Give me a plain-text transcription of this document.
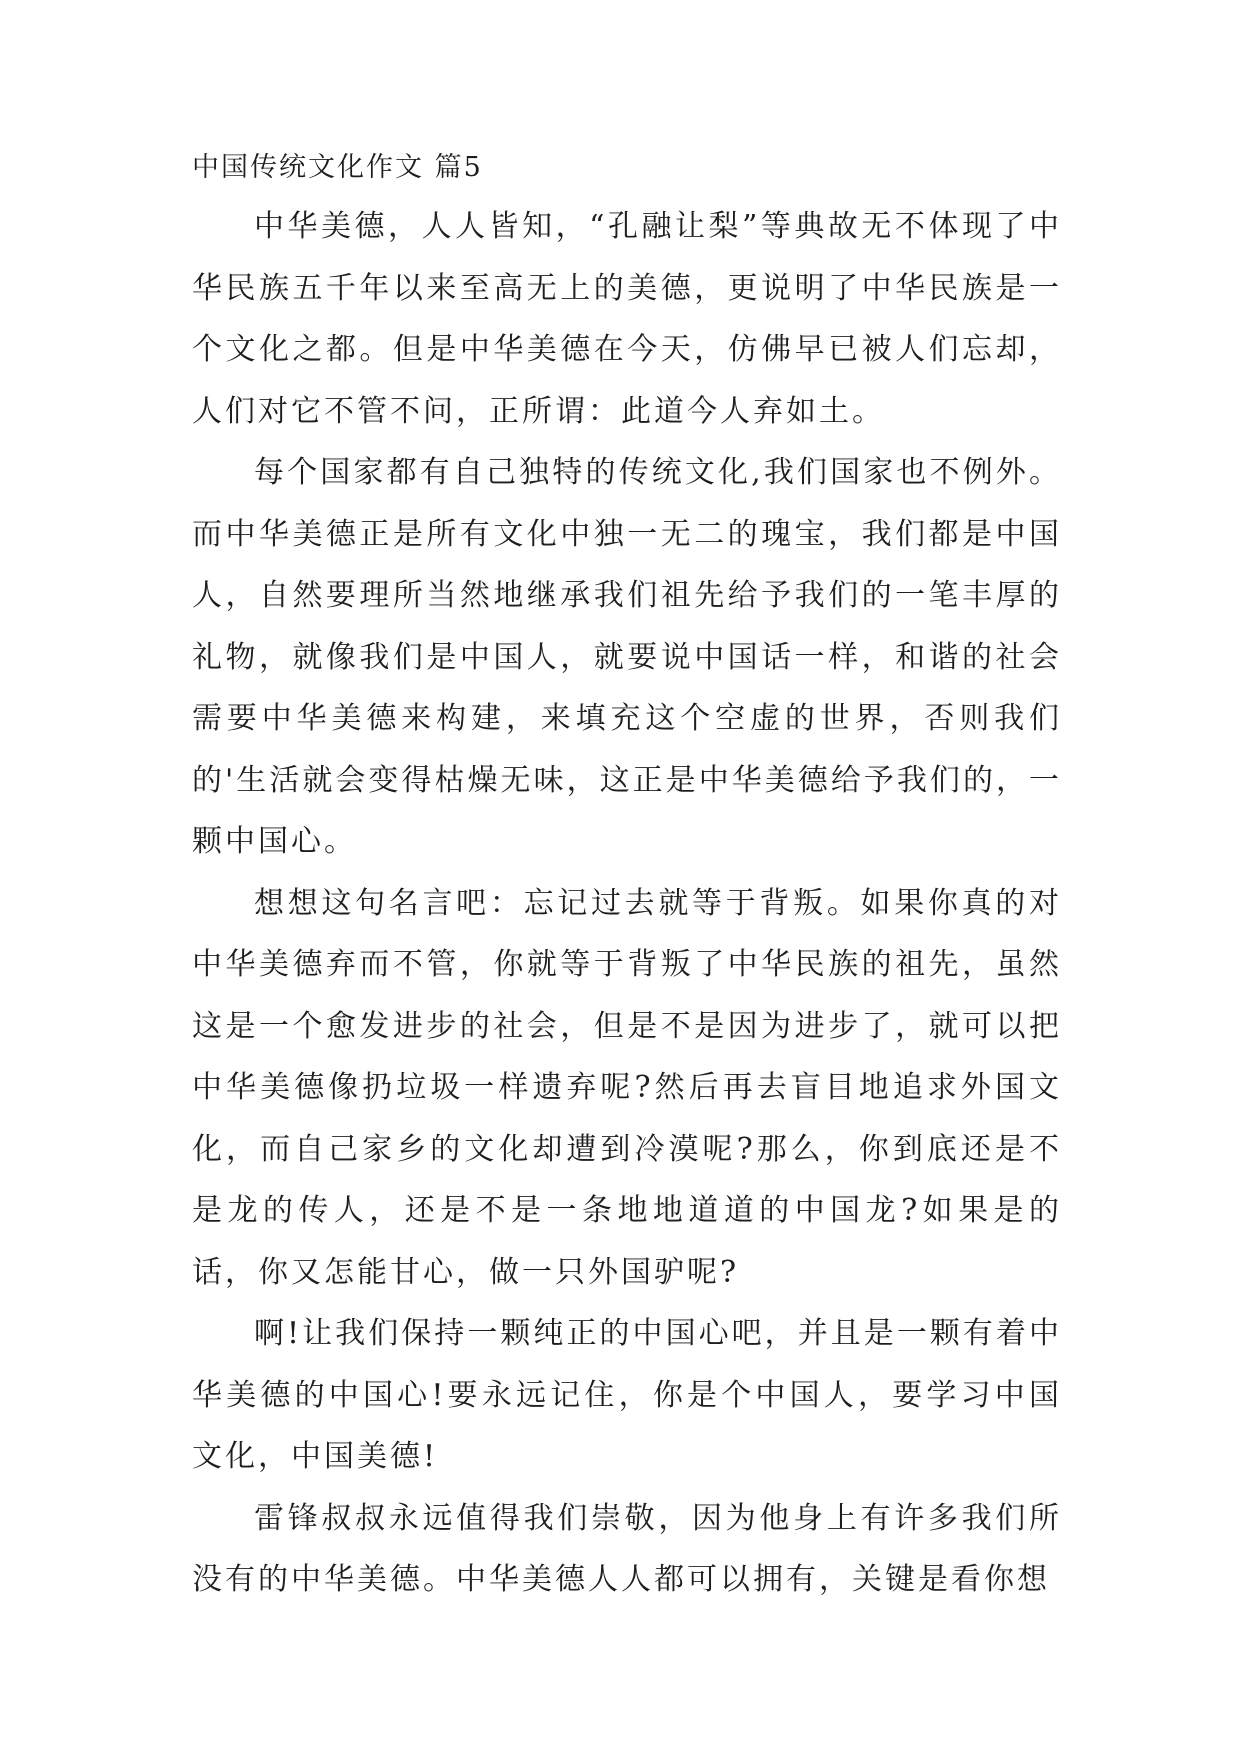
中国传统文化作文 篇5

中华美德，人人皆知，“孔融让梨”等典故无不体现了中华民族五千年以来至高无上的美德，更说明了中华民族是一个文化之都。但是中华美德在今天，仿佛早已被人们忘却，人们对它不管不问，正所谓：此道今人弃如土。

每个国家都有自己独特的传统文化,我们国家也不例外。而中华美德正是所有文化中独一无二的瑰宝，我们都是中国人，自然要理所当然地继承我们祖先给予我们的一笔丰厚的礼物，就像我们是中国人，就要说中国话一样，和谐的社会需要中华美德来构建，来填充这个空虚的世界，否则我们的'生活就会变得枯燥无味，这正是中华美德给予我们的，一颗中国心。

想想这句名言吧：忘记过去就等于背叛。如果你真的对中华美德弃而不管，你就等于背叛了中华民族的祖先，虽然这是一个愈发进步的社会，但是不是因为进步了，就可以把中华美德像扔垃圾一样遗弃呢?然后再去盲目地追求外国文化，而自己家乡的文化却遭到冷漠呢?那么，你到底还是不是龙的传人，还是不是一条地地道道的中国龙?如果是的话，你又怎能甘心，做一只外国驴呢?

啊!让我们保持一颗纯正的中国心吧，并且是一颗有着中华美德的中国心!要永远记住，你是个中国人，要学习中国文化，中国美德!

雷锋叔叔永远值得我们崇敬，因为他身上有许多我们所没有的中华美德。中华美德人人都可以拥有，关键是看你想
